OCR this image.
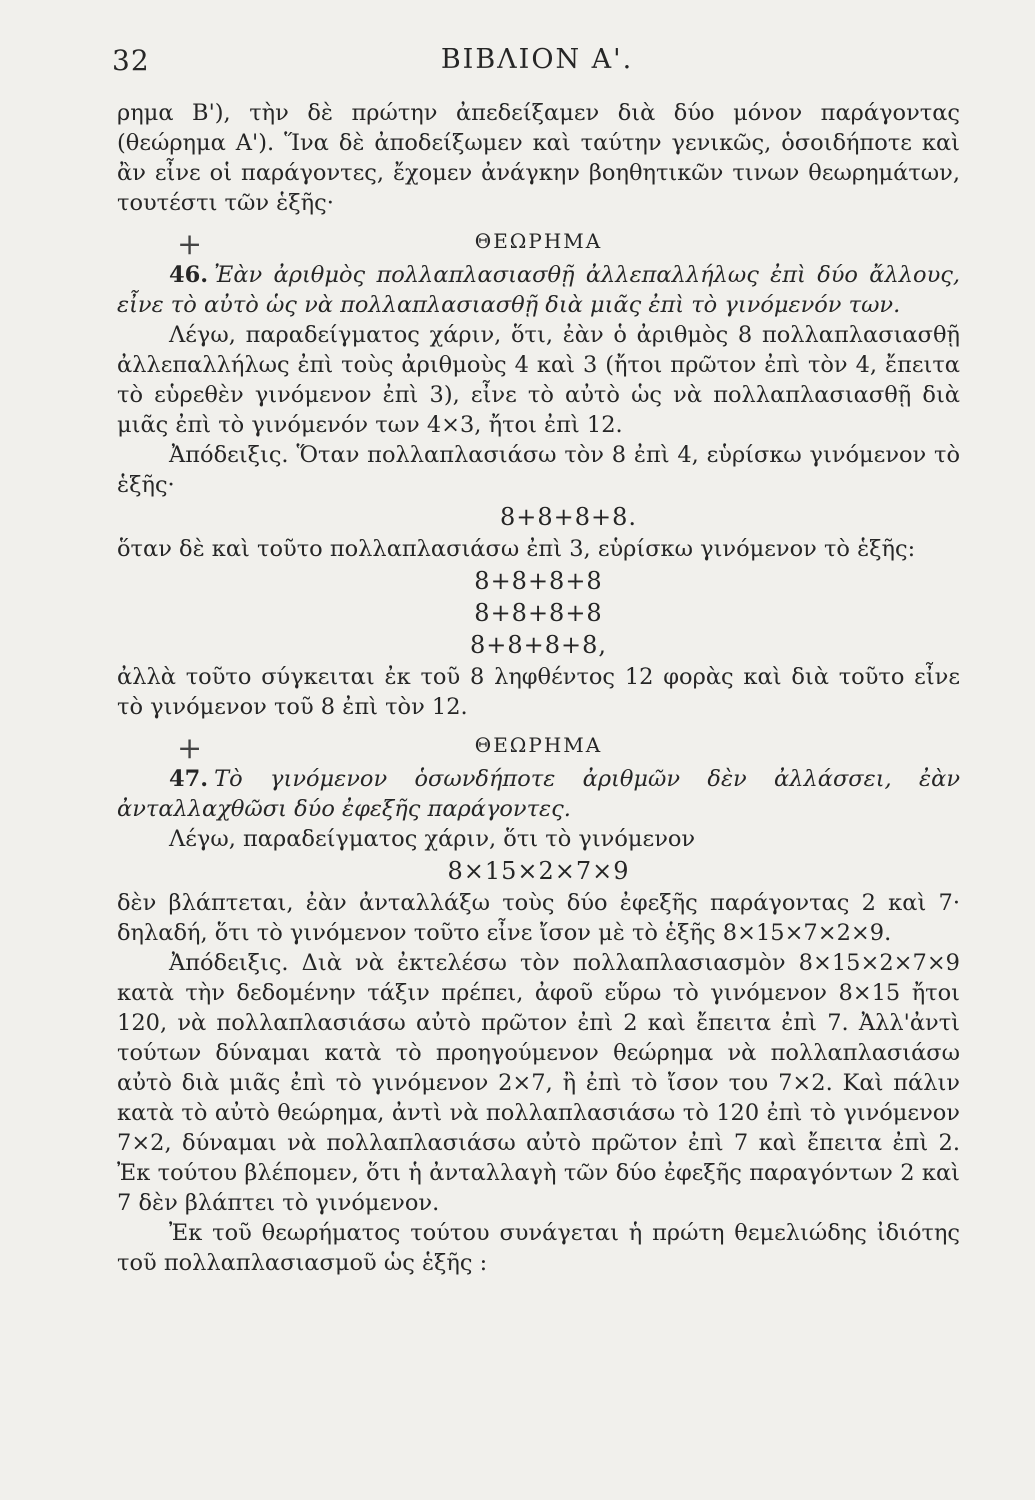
32	ΒΙΒΛΙΟΝ Α'.

ρημα Β'), τὴν δὲ πρώτην ἀπεδείξαμεν διὰ δύο μόνον παράγοντας (θεώρημα Α'). Ἵνα δὲ ἀποδείξωμεν καὶ ταύτην γενικῶς, ὁσοιδήποτε καὶ ἂν εἶνε οἱ παράγοντες, ἔχομεν ἀνάγκην βοηθητικῶν τινων θεωρημάτων, τουτέστι τῶν ἑξῆς·

+	ΘΕΩΡΗΜΑ

46. Ἐὰν ἀριθμὸς πολλαπλασιασθῇ ἀλλεπαλλήλως ἐπὶ δύο ἄλλους, εἶνε τὸ αὐτὸ ὡς νὰ πολλαπλασιασθῇ διὰ μιᾶς ἐπὶ τὸ γινόμενόν των.

Λέγω, παραδείγματος χάριν, ὅτι, ἐὰν ὁ ἀριθμὸς 8 πολλαπλασιασθῇ ἀλλεπαλλήλως ἐπὶ τοὺς ἀριθμοὺς 4 καὶ 3 (ἤτοι πρῶτον ἐπὶ τὸν 4, ἔπειτα τὸ εὑρεθὲν γινόμενον ἐπὶ 3), εἶνε τὸ αὐτὸ ὡς νὰ πολλαπλασιασθῇ διὰ μιᾶς ἐπὶ τὸ γινόμενόν των 4×3, ἤτοι ἐπὶ 12.

Ἀπόδειξις. Ὅταν πολλαπλασιάσω τὸν 8 ἐπὶ 4, εὑρίσκω γινόμενον τὸ ἑξῆς·

8+8+8+8.

ὅταν δὲ καὶ τοῦτο πολλαπλασιάσω ἐπὶ 3, εὑρίσκω γινόμενον τὸ ἑξῆς:

8+8+8+8
8+8+8+8
8+8+8+8,

ἀλλὰ τοῦτο σύγκειται ἐκ τοῦ 8 ληφθέντος 12 φορὰς καὶ διὰ τοῦτο εἶνε τὸ γινόμενον τοῦ 8 ἐπὶ τὸν 12.

+	ΘΕΩΡΗΜΑ

47. Τὸ γινόμενον ὁσωνδήποτε ἀριθμῶν δὲν ἀλλάσσει, ἐὰν ἀνταλλαχθῶσι δύο ἐφεξῆς παράγοντες.

Λέγω, παραδείγματος χάριν, ὅτι τὸ γινόμενον

8×15×2×7×9

δὲν βλάπτεται, ἐὰν ἀνταλλάξω τοὺς δύο ἐφεξῆς παράγοντας 2 καὶ 7· δηλαδή, ὅτι τὸ γινόμενον τοῦτο εἶνε ἴσον μὲ τὸ ἑξῆς 8×15×7×2×9.

Ἀπόδειξις. Διὰ νὰ ἐκτελέσω τὸν πολλαπλασιασμὸν 8×15×2×7×9 κατὰ τὴν δεδομένην τάξιν πρέπει, ἀφοῦ εὕρω τὸ γινόμενον 8×15 ἤτοι 120, νὰ πολλαπλασιάσω αὐτὸ πρῶτον ἐπὶ 2 καὶ ἔπειτα ἐπὶ 7. Ἀλλ'ἀντὶ τούτων δύναμαι κατὰ τὸ προηγούμενον θεώρημα νὰ πολλαπλασιάσω αὐτὸ διὰ μιᾶς ἐπὶ τὸ γινόμενον 2×7, ἢ ἐπὶ τὸ ἴσον του 7×2. Καὶ πάλιν κατὰ τὸ αὐτὸ θεώρημα, ἀντὶ νὰ πολλαπλασιάσω τὸ 120 ἐπὶ τὸ γινόμενον 7×2, δύναμαι νὰ πολλαπλασιάσω αὐτὸ πρῶτον ἐπὶ 7 καὶ ἔπειτα ἐπὶ 2. Ἐκ τούτου βλέπομεν, ὅτι ἡ ἀνταλλαγὴ τῶν δύο ἐφεξῆς παραγόντων 2 καὶ 7 δὲν βλάπτει τὸ γινόμενον.

Ἐκ τοῦ θεωρήματος τούτου συνάγεται ἡ πρώτη θεμελιώδης ἰδιότης τοῦ πολλαπλασιασμοῦ ὡς ἑξῆς :
